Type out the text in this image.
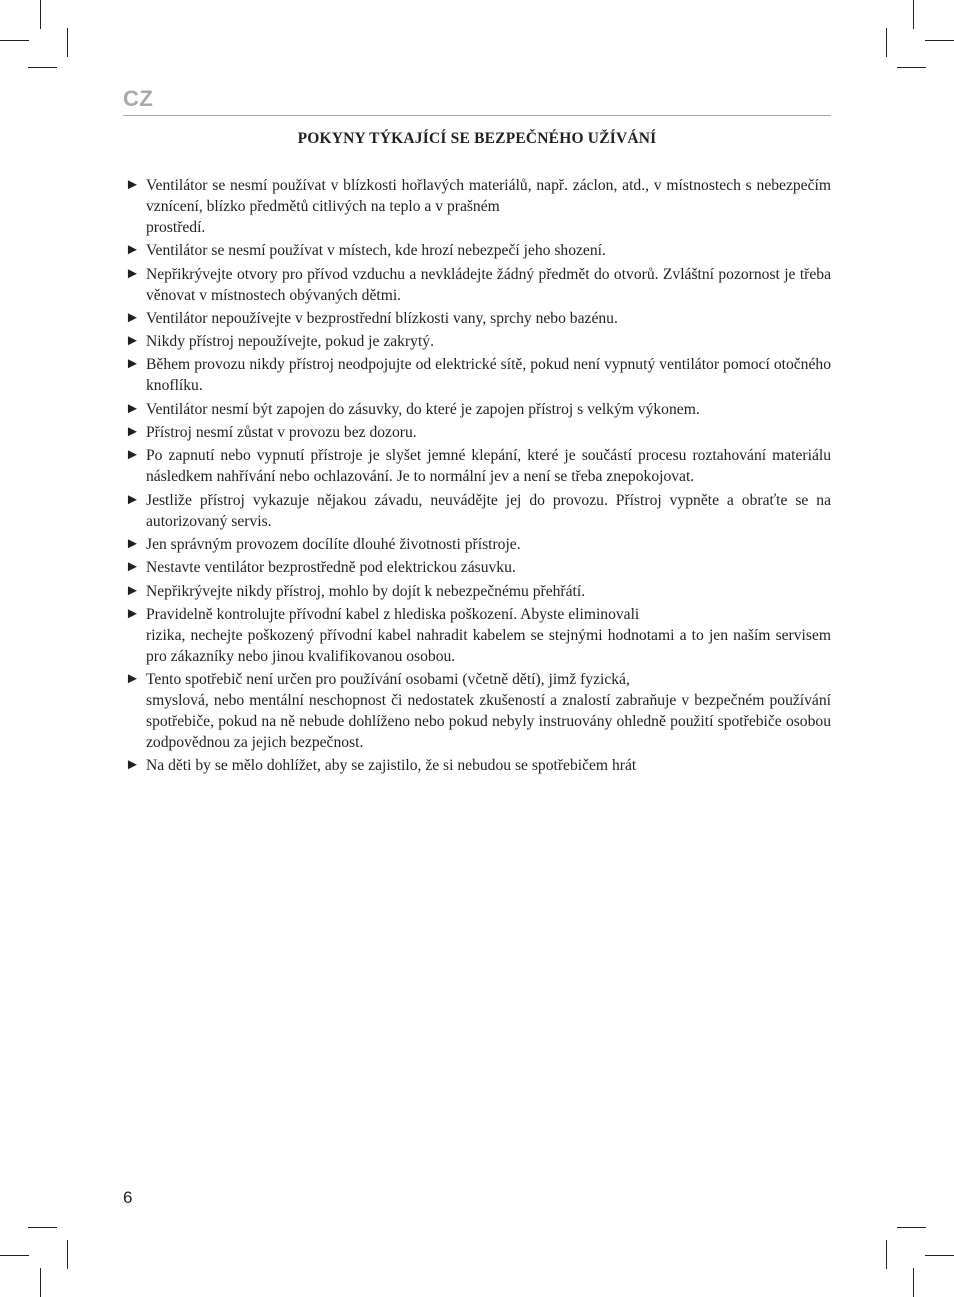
CZ
POKYNY TÝKAJÍCÍ SE BEZPEČNÉHO UŽÍVÁNÍ
► Ventilátor se nesmí používat v blízkosti hořlavých materiálů, např. záclon, atd., v místnostech s nebezpečím vznícení, blízko předmětů citlivých na teplo a v prašném
prostředí.
► Ventilátor se nesmí používat v místech, kde hrozí nebezpečí jeho shození.
► Nepřikrývejte otvory pro přívod vzduchu a nevkládejte žádný předmět do otvorů. Zvláštní pozornost je třeba věnovat v místnostech obývaných dětmi.
► Ventilátor nepoužívejte v bezprostřední blízkosti vany, sprchy nebo bazénu.
► Nikdy přístroj nepoužívejte, pokud je zakrytý.
► Během provozu nikdy přístroj neodpojujte od elektrické sítě, pokud není vypnutý ventilátor pomocí otočného knoflíku.
► Ventilátor nesmí být zapojen do zásuvky, do které je zapojen přístroj s velkým výkonem.
► Přístroj nesmí zůstat v provozu bez dozoru.
► Po zapnutí nebo vypnutí přístroje je slyšet jemné klepání, které je součástí procesu roztahování materiálu následkem nahřívání nebo ochlazování. Je to normální jev a není se třeba znepokojovat.
► Jestliže přístroj vykazuje nějakou závadu, neuvádějte jej do provozu. Přístroj vypněte a obraťte se na autorizovaný servis.
► Jen správným provozem docílíte dlouhé životnosti přístroje.
► Nestavte ventilátor bezprostředně pod elektrickou zásuvku.
► Nepřikrývejte nikdy přístroj, mohlo by dojít k nebezpečnému přehřátí.
► Pravidelně kontrolujte přívodní kabel z hlediska poškození. Abyste eliminovali
rizika, nechejte poškozený přívodní kabel nahradit kabelem se stejnými hodnotami a to jen naším servisem pro zákazníky nebo jinou kvalifikovanou osobou.
► Tento spotřebič není určen pro používání osobami (včetně dětí), jimž fyzická,
smyslová, nebo mentální neschopnost či nedostatek zkušeností a znalostí zabraňuje v bezpečném používání spotřebiče, pokud na ně nebude dohlíženo nebo pokud nebyly instruovány ohledně použití spotřebiče osobou zodpovědnou za jejich bezpečnost.
► Na děti by se mělo dohlížet, aby se zajistilo, že si nebudou se spotřebičem hrát
6
